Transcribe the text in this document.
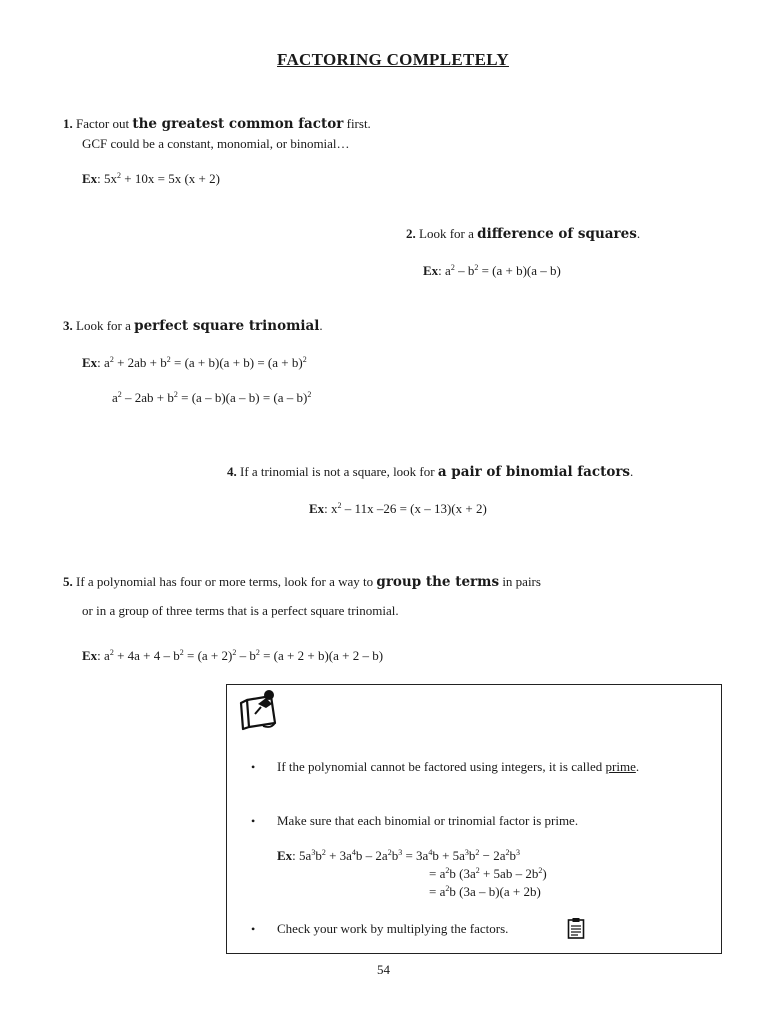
FACTORING COMPLETELY
1. Factor out the greatest common factor first.
GCF could be a constant, monomial, or binomial…
Ex: $5x^2 + 10x = 5x$ (x + 2)
2. Look for a difference of squares.
Ex: $a^2 - b^2 = (a + b)(a - b)$
3. Look for a perfect square trinomial.
Ex: $a^2 + 2ab + b^2 = (a + b)(a + b) = (a + b)^2$
$a^2 - 2ab + b^2 = (a - b)(a - b) = (a - b)^2$
4. If a trinomial is not a square, look for a pair of binomial factors.
Ex: $x^2 - 11x$ –26 = (x – 13)(x + 2)
5. If a polynomial has four or more terms, look for a way to group the terms in pairs
or in a group of three terms that is a perfect square trinomial.
Ex: $a^2 + 4a + 4 - b^2 = (a + 2)^2 - b^2 = (a + 2 + b)(a + 2 - b)$
• If the polynomial cannot be factored using integers, it is called prime.
• Make sure that each binomial or trinomial factor is prime.
Ex: $5a^3b^2 + 3a^4b - 2a^2b^3 = 3a^4b + 5a^3b^2 - 2a^2b^3$
= $a^2b$ $(3a^2 + 5ab - 2b^2)$
= $a^2b$ (3a – b)(a + 2b)
• Check your work by multiplying the factors.
54
